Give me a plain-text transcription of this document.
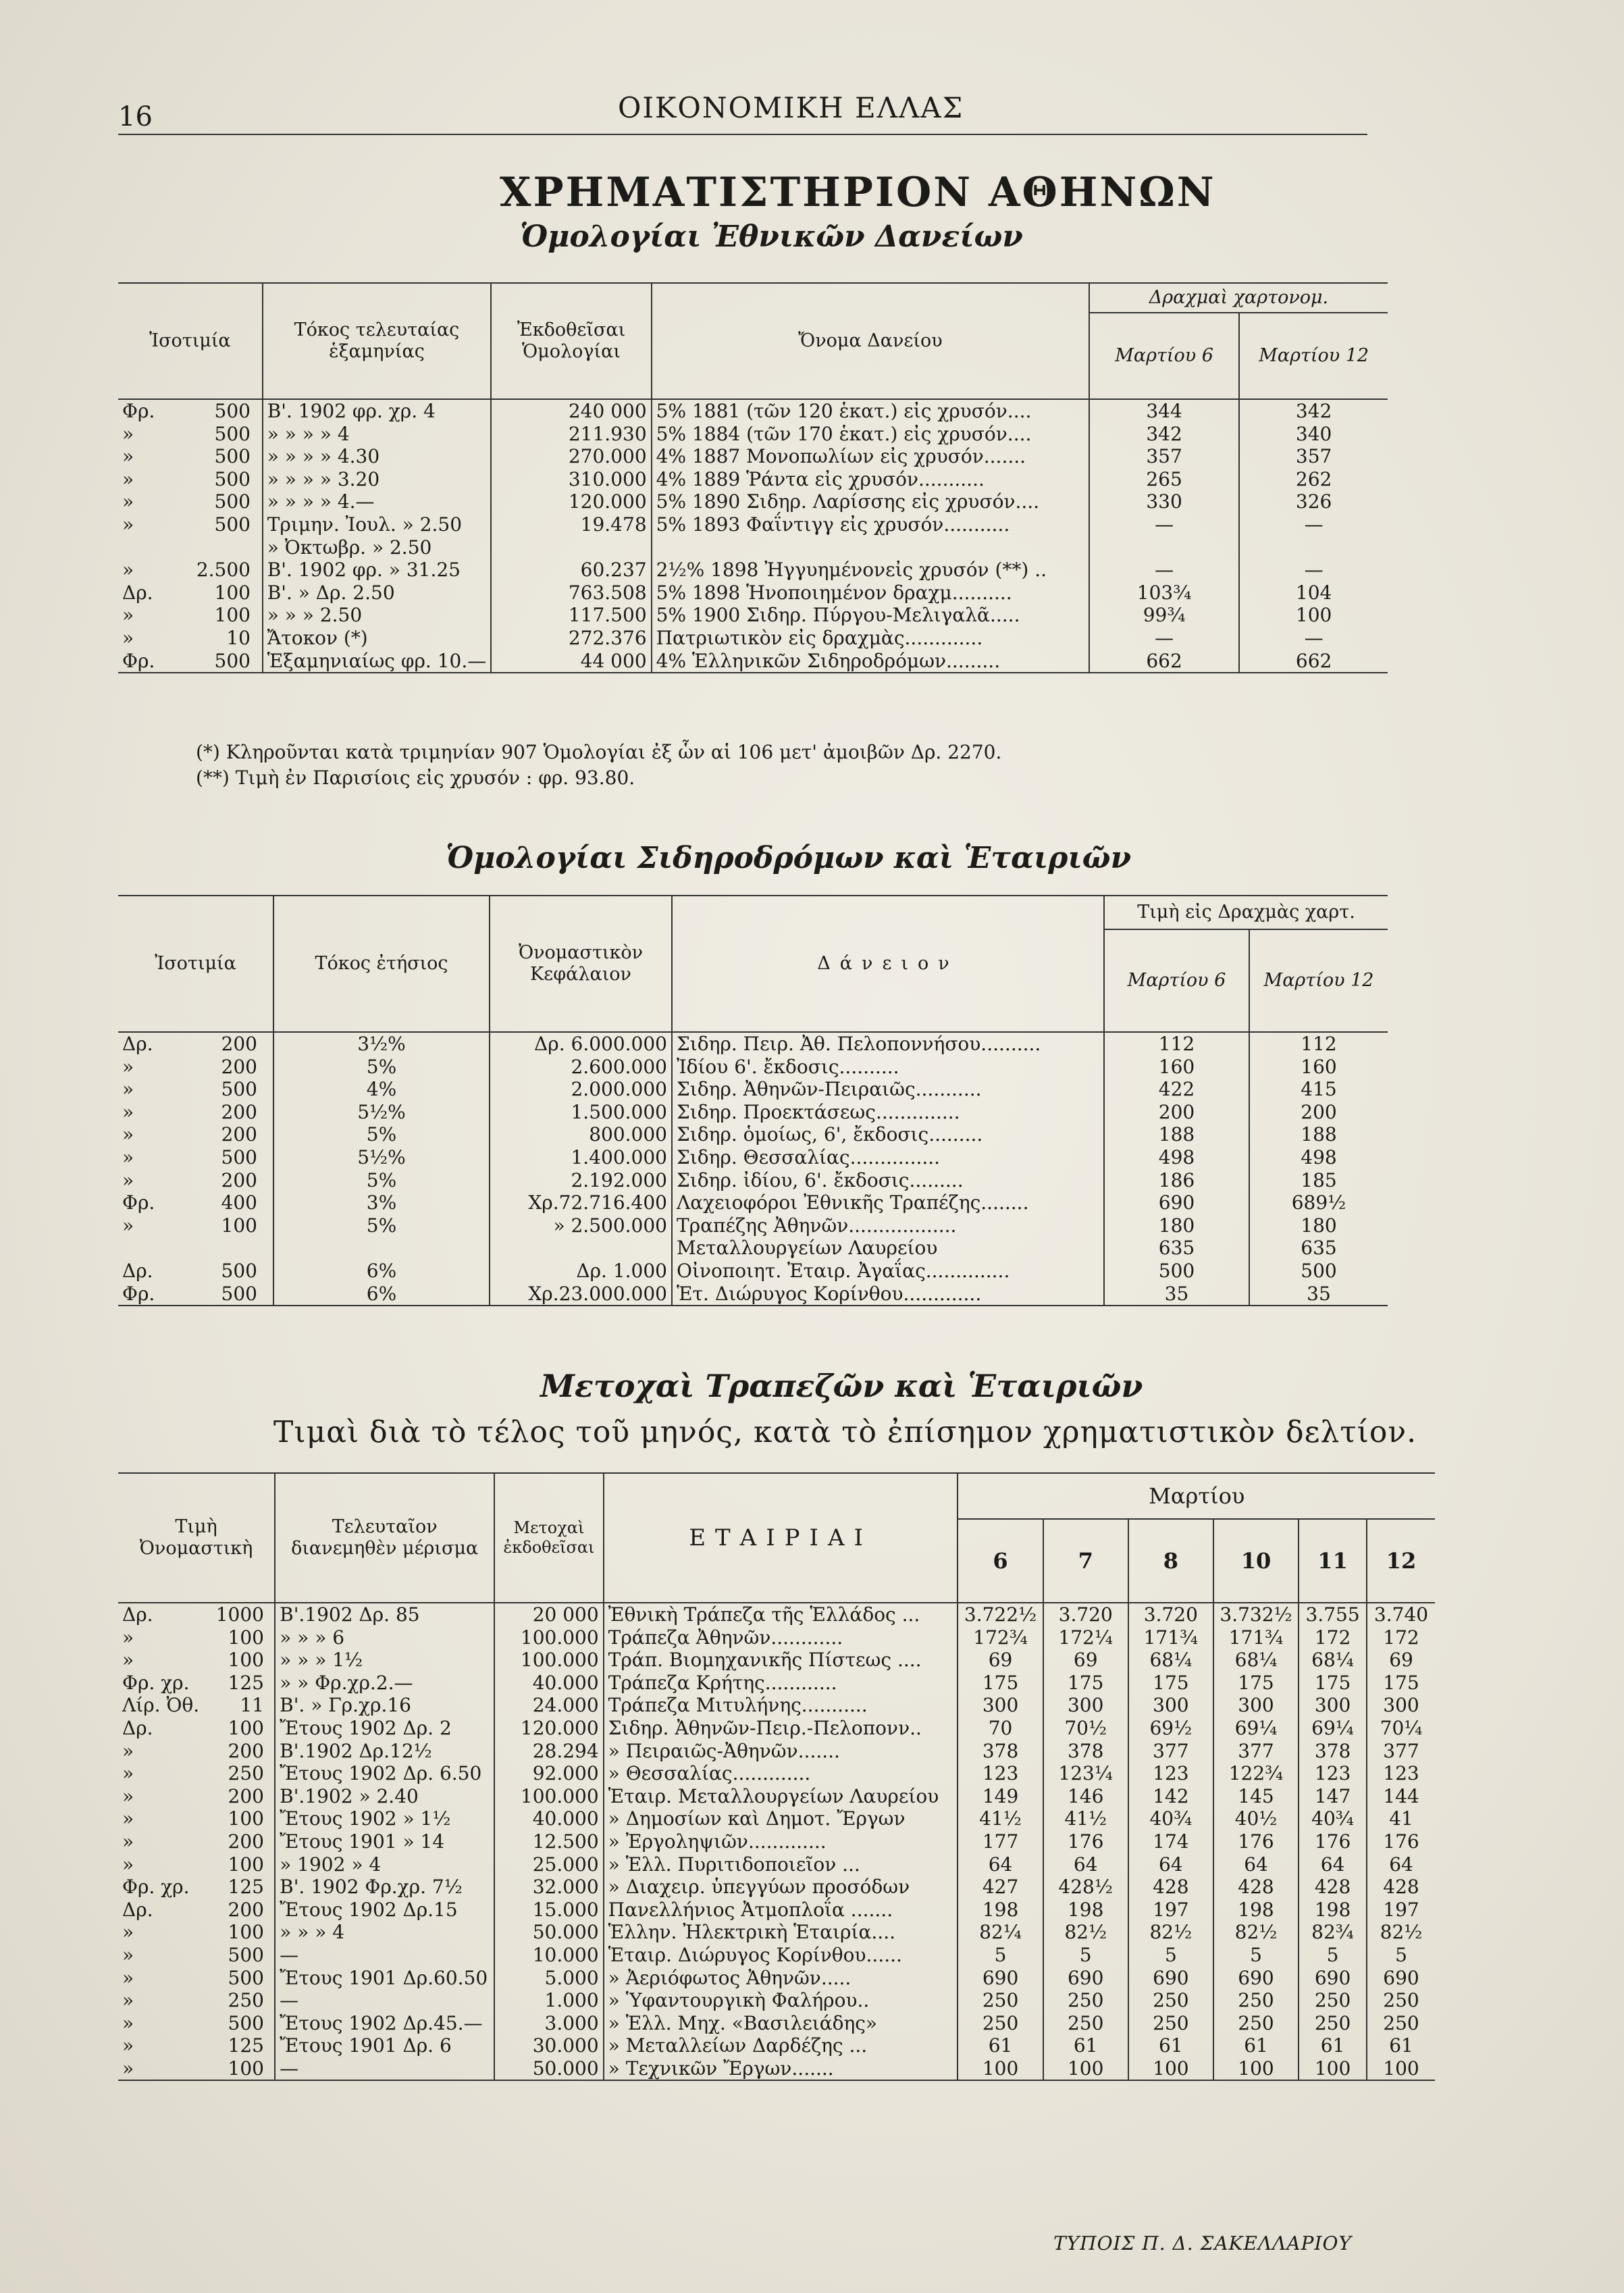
16	ΟΙΚΟΝΟΜΙΚΗ ΕΛΛΑΣ
ΧΡΗΜΑΤΙΣΤΗΡΙΟΝ ΑΘΗΝΩΝ
Ὁμολογίαι Ἐθνικῶν Δανείων
Ἰσοτιμία	Τόκος τελευταίας ἑξαμηνίας	Ἐκδοθεῖσαι Ὁμολογίαι	Ὄνομα Δανείου	Δραχμαὶ χαρτονομ.	
				Μαρτίου 6	Μαρτίου 12
Φρ. 500	Β'. 1902 φρ. χρ. 4	240 000	5% 1881 (τῶν 120 ἑκατ.) εἰς χρυσόν....	344	342
» 500	» » » » 4	211.930	5% 1884 (τῶν 170 ἑκατ.) εἰς χρυσόν....	342	340
» 500	» » » » 4.30	270.000	4% 1887 Μονοπωλίων εἰς χρυσόν.......	357	357
» 500	» » » » 3.20	310.000	4% 1889 Ῥάντα εἰς χρυσόν...........	265	262
» 500	» » » » 4.—	120.000	5% 1890 Σιδηρ. Λαρίσσης εἰς χρυσόν....	330	326
» 500	Τριμην. Ἰουλ. » 2.50	19.478	5% 1893 Φαΐντιγγ εἰς χρυσόν...........	—	—
	» Ὀκτωβρ. » 2.50				
» 2.500	Β'. 1902 φρ. » 31.25	60.237	2½% 1898 Ἠγγυημένονεἰς χρυσόν (**) ..	—	—
Δρ. 100	Β'. » Δρ. 2.50	763.508	5% 1898 Ἡνοποιημένον δραχμ..........	103¾	104
» 100	» » » 2.50	117.500	5% 1900 Σιδηρ. Πύργου-Μελιγαλᾶ.....	99¾	100
» 10	Ἄτοκον (*)	272.376	Πατριωτικὸν εἰς δραχμὰς.............	—	—
Φρ. 500	Ἑξαμηνιαίως φρ. 10.—	44 000	4% Ἑλληνικῶν Σιδηροδρόμων.........	662	662
(*) Κληροῦνται κατὰ τριμηνίαν 907 Ὁμολογίαι ἐξ ὧν αἱ 106 μετ' ἀμοιβῶν Δρ. 2270.
(**) Τιμὴ ἐν Παρισίοις εἰς χρυσόν : φρ. 93.80.
Ὁμολογίαι Σιδηροδρόμων καὶ Ἑταιριῶν
Ἰσοτιμία	Τόκος ἐτήσιος	Ὀνομαστικὸν Κεφάλαιον	Δάνειον	Τιμὴ εἰς Δραχμὰς χαρτ.	
				Μαρτίου 6	Μαρτίου 12
Δρ. 200	3½%	Δρ. 6.000.000	Σιδηρ. Πειρ. Ἀθ. Πελοποννήσου..........	112	112
» 200	5%	2.600.000	Ἰδίου 6'. ἔκδοσις..........	160	160
» 500	4%	2.000.000	Σιδηρ. Ἀθηνῶν-Πειραιῶς...........	422	415
» 200	5½%	1.500.000	Σιδηρ. Προεκτάσεως..............	200	200
» 200	5%	800.000	Σιδηρ. ὁμοίως, 6', ἔκδοσις.........	188	188
» 500	5½%	1.400.000	Σιδηρ. Θεσσαλίας...............	498	498
» 200	5%	2.192.000	Σιδηρ. ἰδίου, 6'. ἔκδοσις.........	186	185
Φρ. 400	3%	Χρ.72.716.400	Λαχειοφόροι Ἐθνικῆς Τραπέζης........	690	689½
» 100	5%	» 2.500.000	Τραπέζης Ἀθηνῶν..................	180	180
			Μεταλλουργείων Λαυρείου	635	635
Δρ. 500	6%	Δρ. 1.000	Οἰνοποιητ. Ἑταιρ. Ἀγαΐας..............	500	500
Φρ. 500	6%	Χρ.23.000.000	Ἑτ. Διώρυγος Κορίνθου.............	35	35
Μετοχαὶ Τραπεζῶν καὶ Ἑταιριῶν
Τιμαὶ διὰ τὸ τέλος τοῦ μηνός, κατὰ τὸ ἐπίσημον χρηματιστικὸν δελτίον.
Τιμὴ Ὀνομαστικὴ	Τελευταῖον διανεμηθὲν μέρισμα	Μετοχαὶ ἐκδοθεῖσαι	ΕΤΑΙΡΙΑΙ	Μαρτίου					
				6	7	8	10	11	12
Δρ. 1000	Β'.1902 Δρ. 85	20 000	Ἐθνικὴ Τράπεζα τῆς Ἑλλάδος ...	3.722½	3.720	3.720	3.732½	3.755	3.740
» 100	» » » 6	100.000	Τράπεζα Ἀθηνῶν............	172¾	172¼	171¾	171¾	172	172
» 100	» » » 1½	100.000	Τράπ. Βιομηχανικῆς Πίστεως ....	69	69	68¼	68¼	68¼	69
Φρ. χρ. 125	» » Φρ.χρ.2.—	40.000	Τράπεζα Κρήτης............	175	175	175	175	175	175
Λίρ. Ὀθ. 11	Β'. » Γρ.χρ.16	24.000	Τράπεζα Μιτυλήνης...........	300	300	300	300	300	300
Δρ. 100	Ἔτους 1902 Δρ. 2	120.000	Σιδηρ. Ἀθηνῶν-Πειρ.-Πελοπονν..	70	70½	69½	69¼	69¼	70¼
» 200	Β'.1902 Δρ.12½	28.294	» Πειραιῶς-Ἀθηνῶν.......	378	378	377	377	378	377
» 250	Ἔτους 1902 Δρ. 6.50	92.000	» Θεσσαλίας.............	123	123¼	123	122¾	123	123
» 200	Β'.1902 » 2.40	100.000	Ἑταιρ. Μεταλλουργείων Λαυρείου	149	146	142	145	147	144
» 100	Ἔτους 1902 » 1½	40.000	» Δημοσίων καὶ Δημοτ. Ἔργων	41½	41½	40¾	40½	40¾	41
» 200	Ἔτους 1901 » 14	12.500	» Ἐργοληψιῶν.............	177	176	174	176	176	176
» 100	» 1902 » 4	25.000	» Ἑλλ. Πυριτιδοποιεῖον ...	64	64	64	64	64	64
Φρ. χρ. 125	Β'. 1902 Φρ.χρ. 7½	32.000	» Διαχειρ. ὑπεγγύων προσόδων	427	428½	428	428	428	428
Δρ. 200	Ἔτους 1902 Δρ.15	15.000	Πανελλήνιος Ἀτμοπλοΐα .......	198	198	197	198	198	197
» 100	» » » 4	50.000	Ἑλλην. Ἠλεκτρικὴ Ἑταιρία....	82¼	82½	82½	82½	82¾	82½
» 500	—	10.000	Ἑταιρ. Διώρυγος Κορίνθου......	5	5	5	5	5	5
» 500	Ἔτους 1901 Δρ.60.50	5.000	» Ἀεριόφωτος Ἀθηνῶν.....	690	690	690	690	690	690
» 250	—	1.000	» Ὑφαντουργικὴ Φαλήρου..	250	250	250	250	250	250
» 500	Ἔτους 1902 Δρ.45.—	3.000	» Ἑλλ. Μηχ. «Βασιλειάδης»	250	250	250	250	250	250
» 125	Ἔτους 1901 Δρ. 6	30.000	» Μεταλλείων Δαρδέζης ...	61	61	61	61	61	61
» 100	—	50.000	» Τεχνικῶν Ἔργων.......	100	100	100	100	100	100
ΤΥΠΟΙΣ Π. Δ. ΣΑΚΕΛΛΑΡΙΟΥ
